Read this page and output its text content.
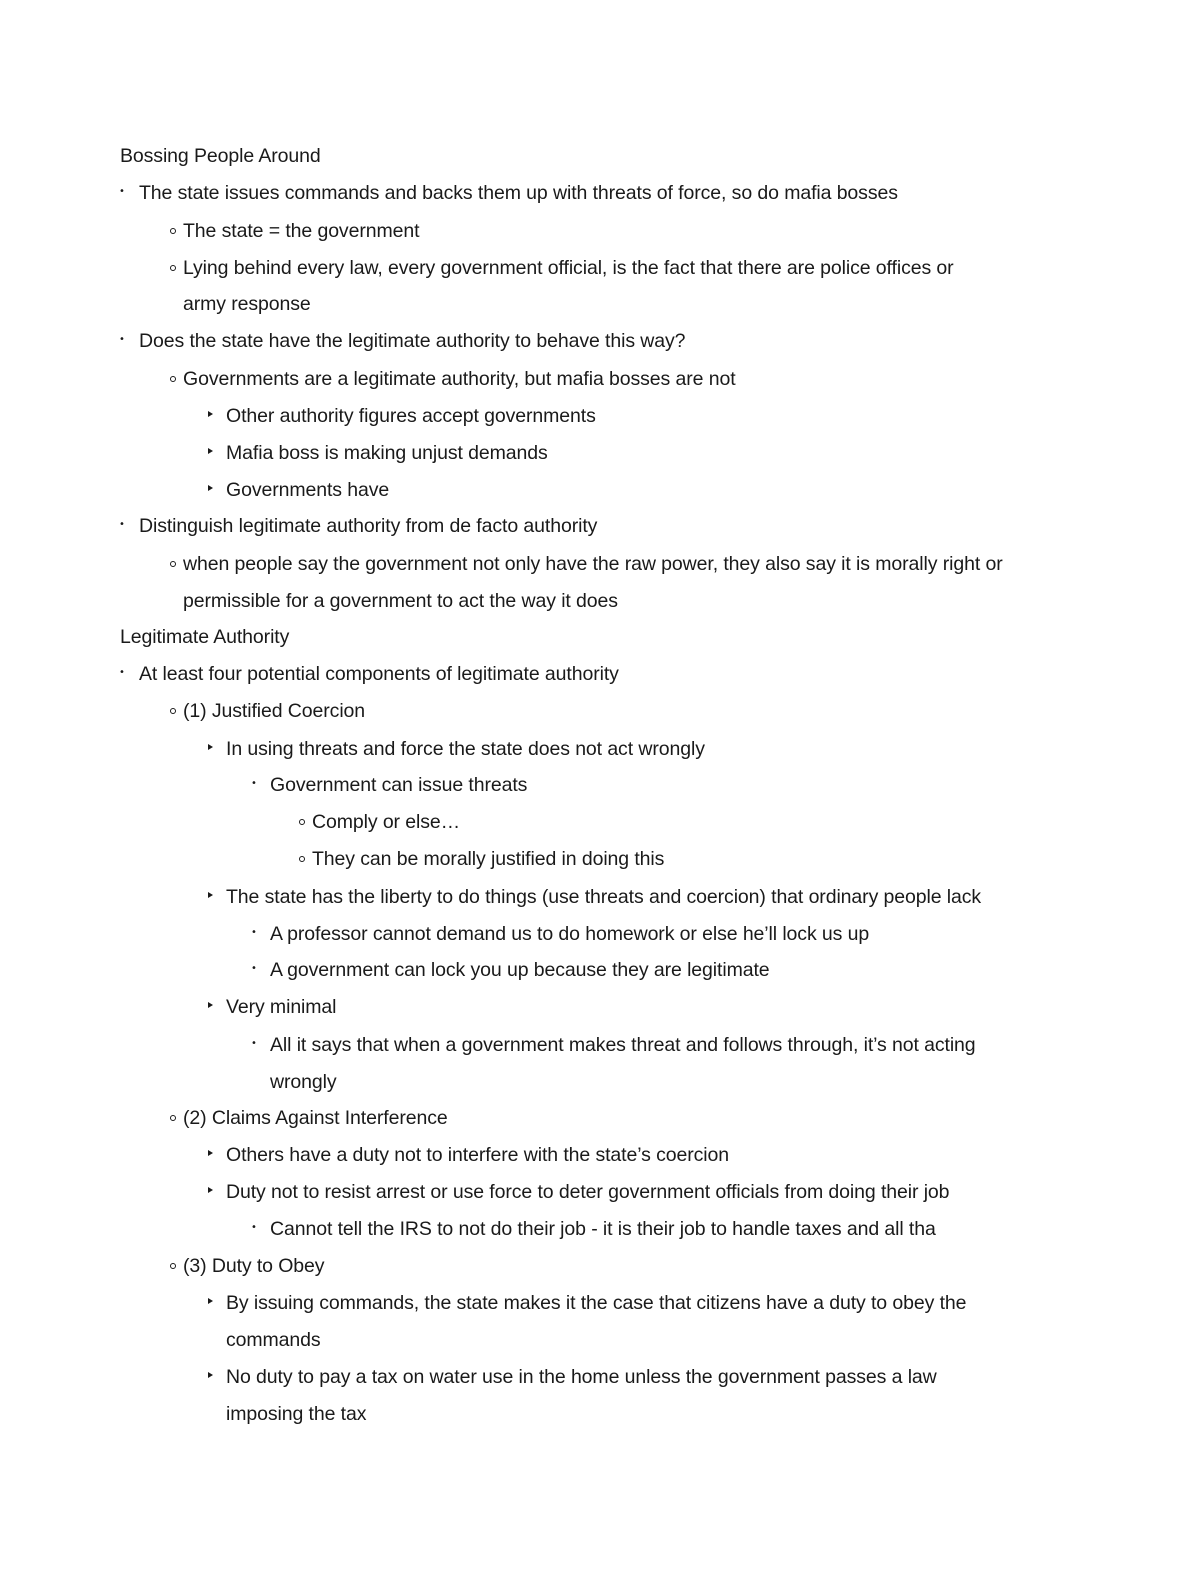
Bossing People Around
• The state issues commands and backs them up with threats of force, so do mafia bosses
The state = the government
Lying behind every law, every government official, is the fact that there are police offices or
army response
• Does the state have the legitimate authority to behave this way?
Governments are a legitimate authority, but mafia bosses are not
Other authority figures accept governments
Mafia boss is making unjust demands
Governments have
• Distinguish legitimate authority from de facto authority
when people say the government not only have the raw power, they also say it is morally right or
permissible for a government to act the way it does
Legitimate Authority
• At least four potential components of legitimate authority
(1) Justified Coercion
In using threats and force the state does not act wrongly
• Government can issue threats
Comply or else…
They can be morally justified in doing this
The state has the liberty to do things (use threats and coercion) that ordinary people lack
• A professor cannot demand us to do homework or else he’ll lock us up
• A government can lock you up because they are legitimate
Very minimal
• All it says that when a government makes threat and follows through, it’s not acting
wrongly
(2) Claims Against Interference
Others have a duty not to interfere with the state’s coercion
Duty not to resist arrest or use force to deter government officials from doing their job
• Cannot tell the IRS to not do their job - it is their job to handle taxes and all tha
(3) Duty to Obey
By issuing commands, the state makes it the case that citizens have a duty to obey the
commands
No duty to pay a tax on water use in the home unless the government passes a law
imposing the tax
